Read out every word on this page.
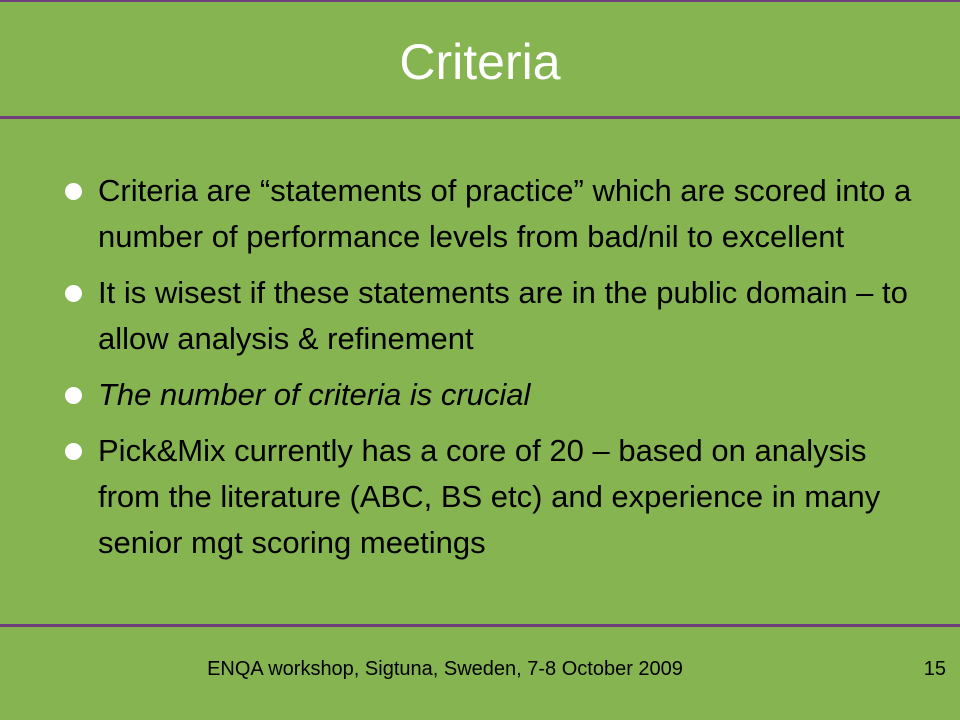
Criteria
Criteria are “statements of practice” which are scored into a number of performance levels from bad/nil to excellent
It is wisest if these statements are in the public domain – to allow analysis & refinement
The number of criteria is crucial
Pick&Mix currently has a core of 20 – based on analysis from the literature (ABC, BS etc) and experience in many senior mgt scoring meetings
ENQA workshop, Sigtuna, Sweden, 7-8 October 2009	15
